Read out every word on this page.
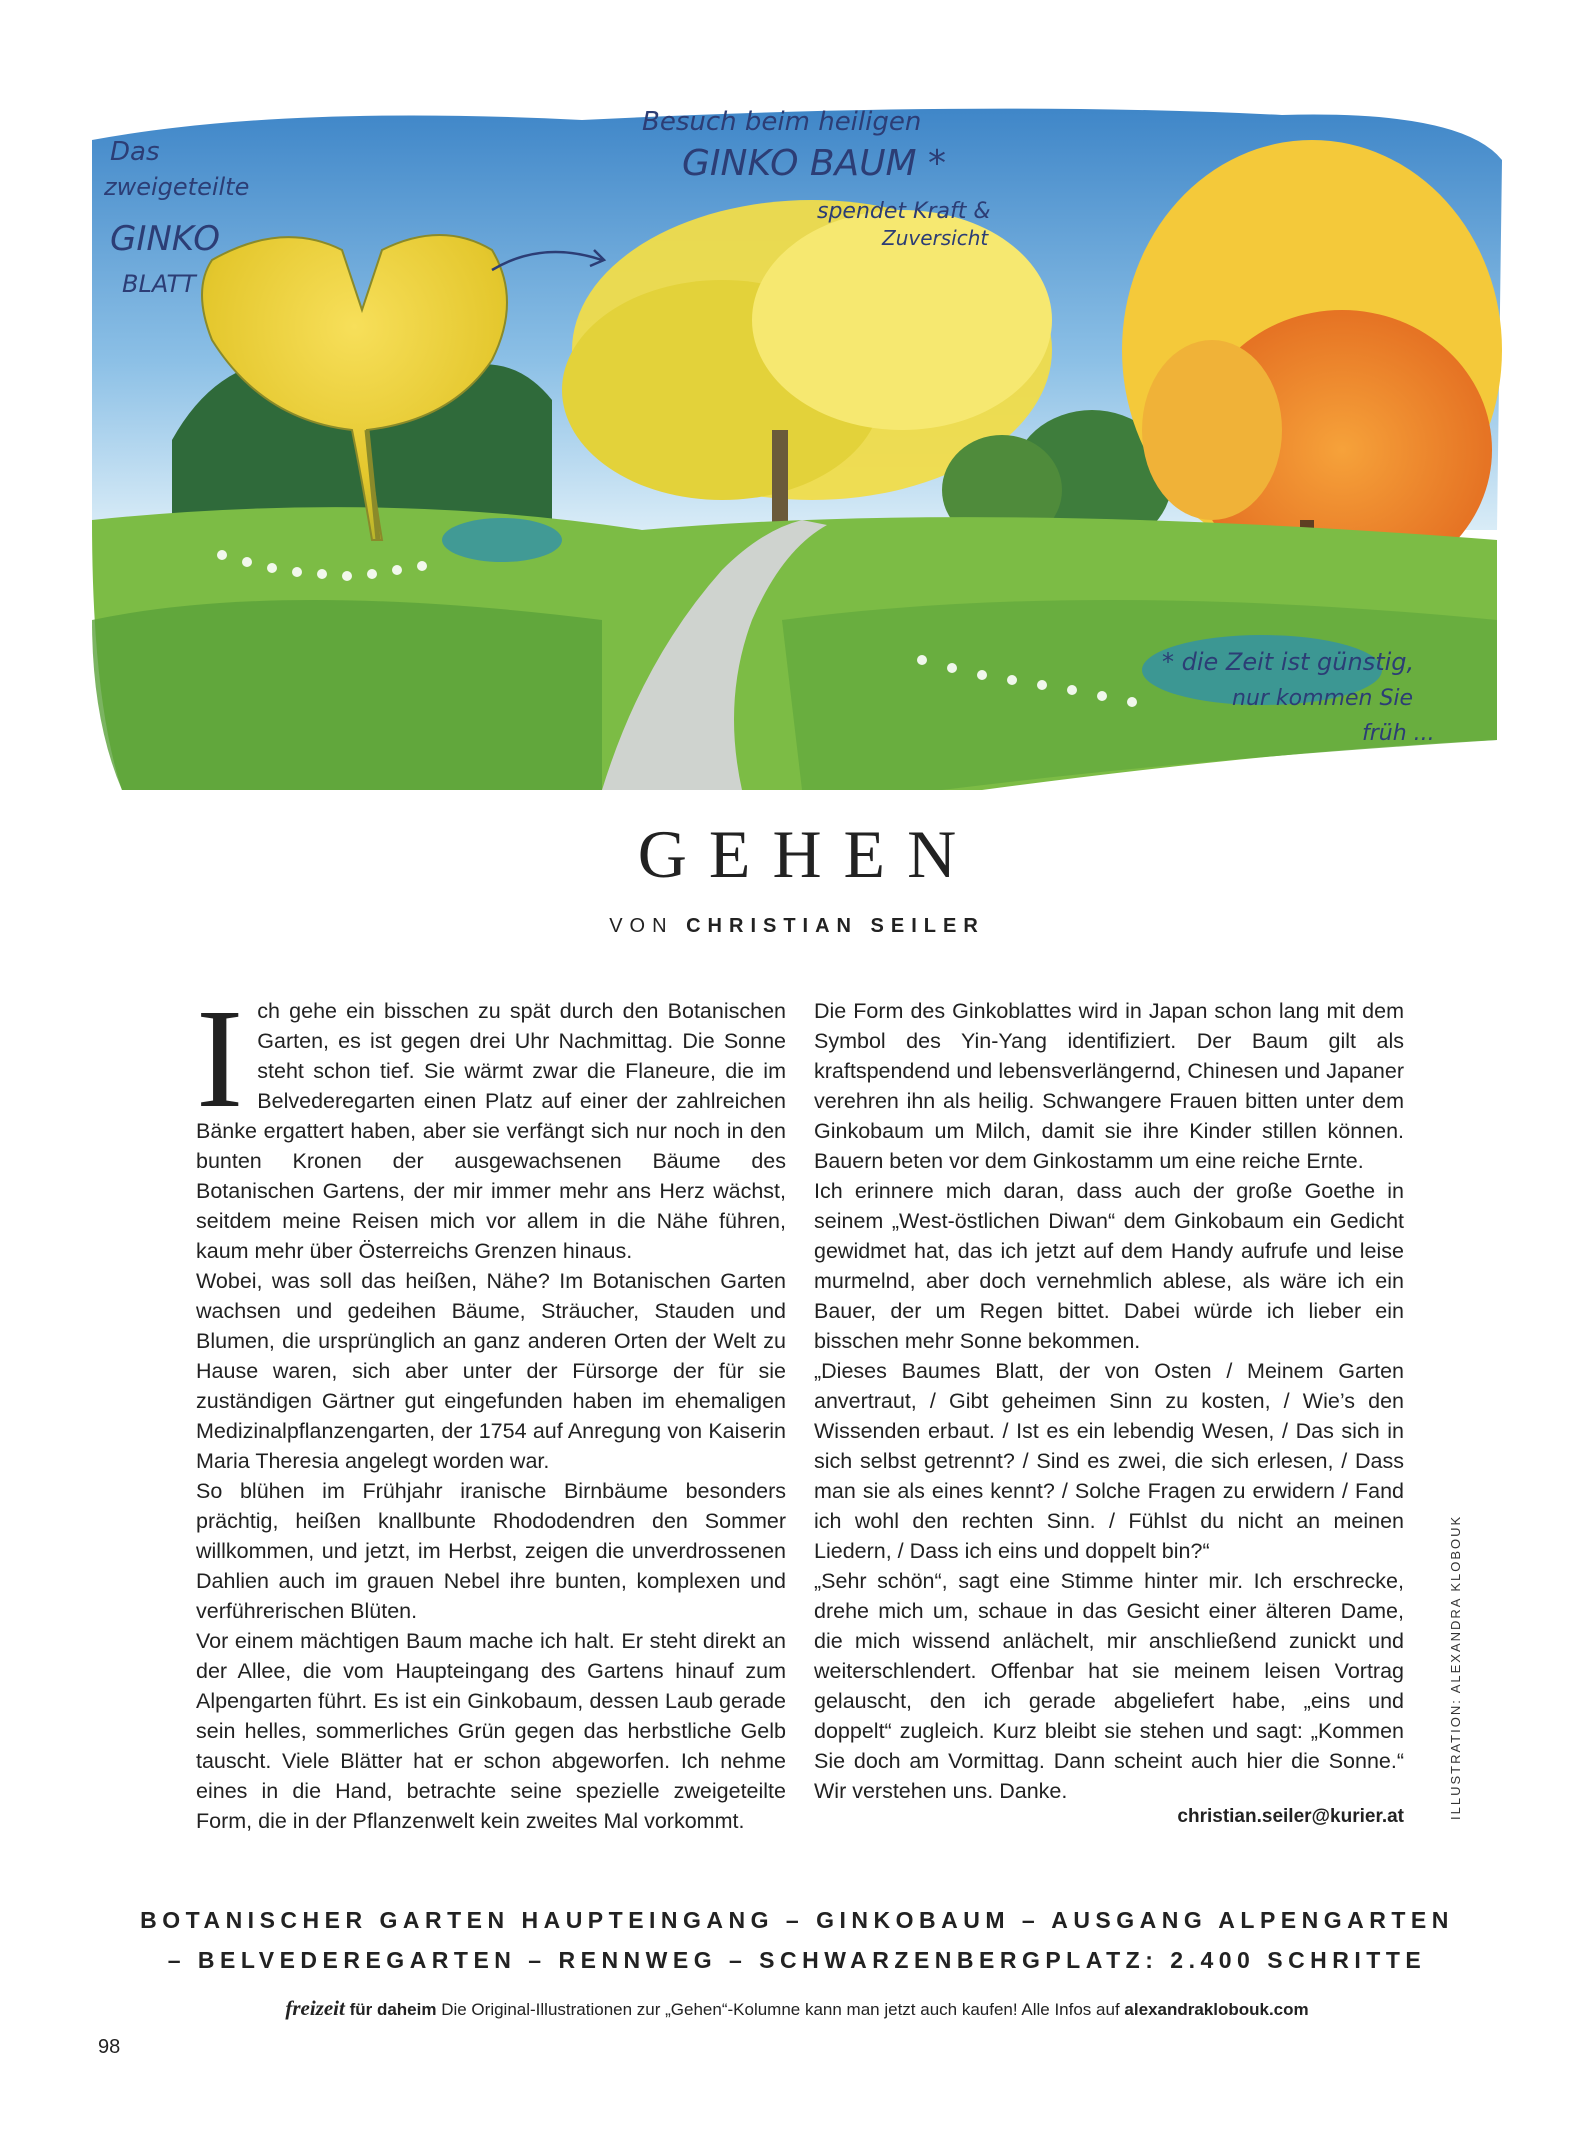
Das
zweigeteilte
GINKO
BLATT
Besuch beim heiligen
GINKO BAUM *
spendet Kraft &
Zuversicht
* die Zeit ist günstig,
nur kommen Sie
früh ...
GEHEN
VON CHRISTIAN SEILER

Ich gehe ein bisschen zu spät durch den Botanischen Garten, es ist gegen drei Uhr Nachmittag. Die Sonne steht schon tief. Sie wärmt zwar die Flaneure, die im Belvederegarten einen Platz auf einer der zahlreichen Bänke ergattert haben, aber sie verfängt sich nur noch in den bunten Kronen der ausgewachsenen Bäume des Botanischen Gartens, der mir immer mehr ans Herz wächst, seitdem meine Reisen mich vor allem in die Nähe führen, kaum mehr über Österreichs Grenzen hinaus.

Wobei, was soll das heißen, Nähe? Im Botanischen Garten wachsen und gedeihen Bäume, Sträucher, Stauden und Blumen, die ursprünglich an ganz anderen Orten der Welt zu Hause waren, sich aber unter der Fürsorge der für sie zuständigen Gärtner gut eingefunden haben im ehemaligen Medizinalpflanzengarten, der 1754 auf Anregung von Kaiserin Maria Theresia angelegt worden war.

So blühen im Frühjahr iranische Birnbäume besonders prächtig, heißen knallbunte Rhododendren den Sommer willkommen, und jetzt, im Herbst, zeigen die unverdrossenen Dahlien auch im grauen Nebel ihre bunten, komplexen und verführerischen Blüten.

Vor einem mächtigen Baum mache ich halt. Er steht direkt an der Allee, die vom Haupteingang des Gartens hinauf zum Alpengarten führt. Es ist ein Ginkobaum, dessen Laub gerade sein helles, sommerliches Grün gegen das herbstliche Gelb tauscht. Viele Blätter hat er schon abgeworfen. Ich nehme eines in die Hand, betrachte seine spezielle zweigeteilte Form, die in der Pflanzenwelt kein zweites Mal vorkommt.

Die Form des Ginkoblattes wird in Japan schon lang mit dem Symbol des Yin-Yang identifiziert. Der Baum gilt als kraftspendend und lebensverlängernd, Chinesen und Japaner verehren ihn als heilig. Schwangere Frauen bitten unter dem Ginkobaum um Milch, damit sie ihre Kinder stillen können. Bauern beten vor dem Ginkostamm um eine reiche Ernte.

Ich erinnere mich daran, dass auch der große Goethe in seinem „West-östlichen Diwan“ dem Ginkobaum ein Gedicht gewidmet hat, das ich jetzt auf dem Handy aufrufe und leise murmelnd, aber doch vernehmlich ablese, als wäre ich ein Bauer, der um Regen bittet. Dabei würde ich lieber ein bisschen mehr Sonne bekommen.

„Dieses Baumes Blatt, der von Osten / Meinem Garten anvertraut, / Gibt geheimen Sinn zu kosten, / Wie’s den Wissenden erbaut. / Ist es ein lebendig Wesen, / Das sich in sich selbst getrennt? / Sind es zwei, die sich erlesen, / Dass man sie als eines kennt? / Solche Fragen zu erwidern / Fand ich wohl den rechten Sinn. / Fühlst du nicht an meinen Liedern, / Dass ich eins und doppelt bin?“

„Sehr schön“, sagt eine Stimme hinter mir. Ich erschrecke, drehe mich um, schaue in das Gesicht einer älteren Dame, die mich wissend anlächelt, mir anschließend zunickt und weiterschlendert. Offenbar hat sie meinem leisen Vortrag gelauscht, den ich gerade abgeliefert habe, „eins und doppelt“ zugleich. Kurz bleibt sie stehen und sagt: „Kommen Sie doch am Vormittag. Dann scheint auch hier die Sonne.“ Wir verstehen uns. Danke.

christian.seiler@kurier.at	ILLUSTRATION: ALEXANDRA KLOBOUK
BOTANISCHER GARTEN HAUPTEINGANG – GINKOBAUM – AUSGANG ALPENGARTEN
– BELVEDEREGARTEN – RENNWEG – SCHWARZENBERGPLATZ: 2.400 SCHRITTE
freizeit für daheim Die Original-Illustrationen zur „Gehen“-Kolumne kann man jetzt auch kaufen! Alle Infos auf alexandraklobouk.com
98
